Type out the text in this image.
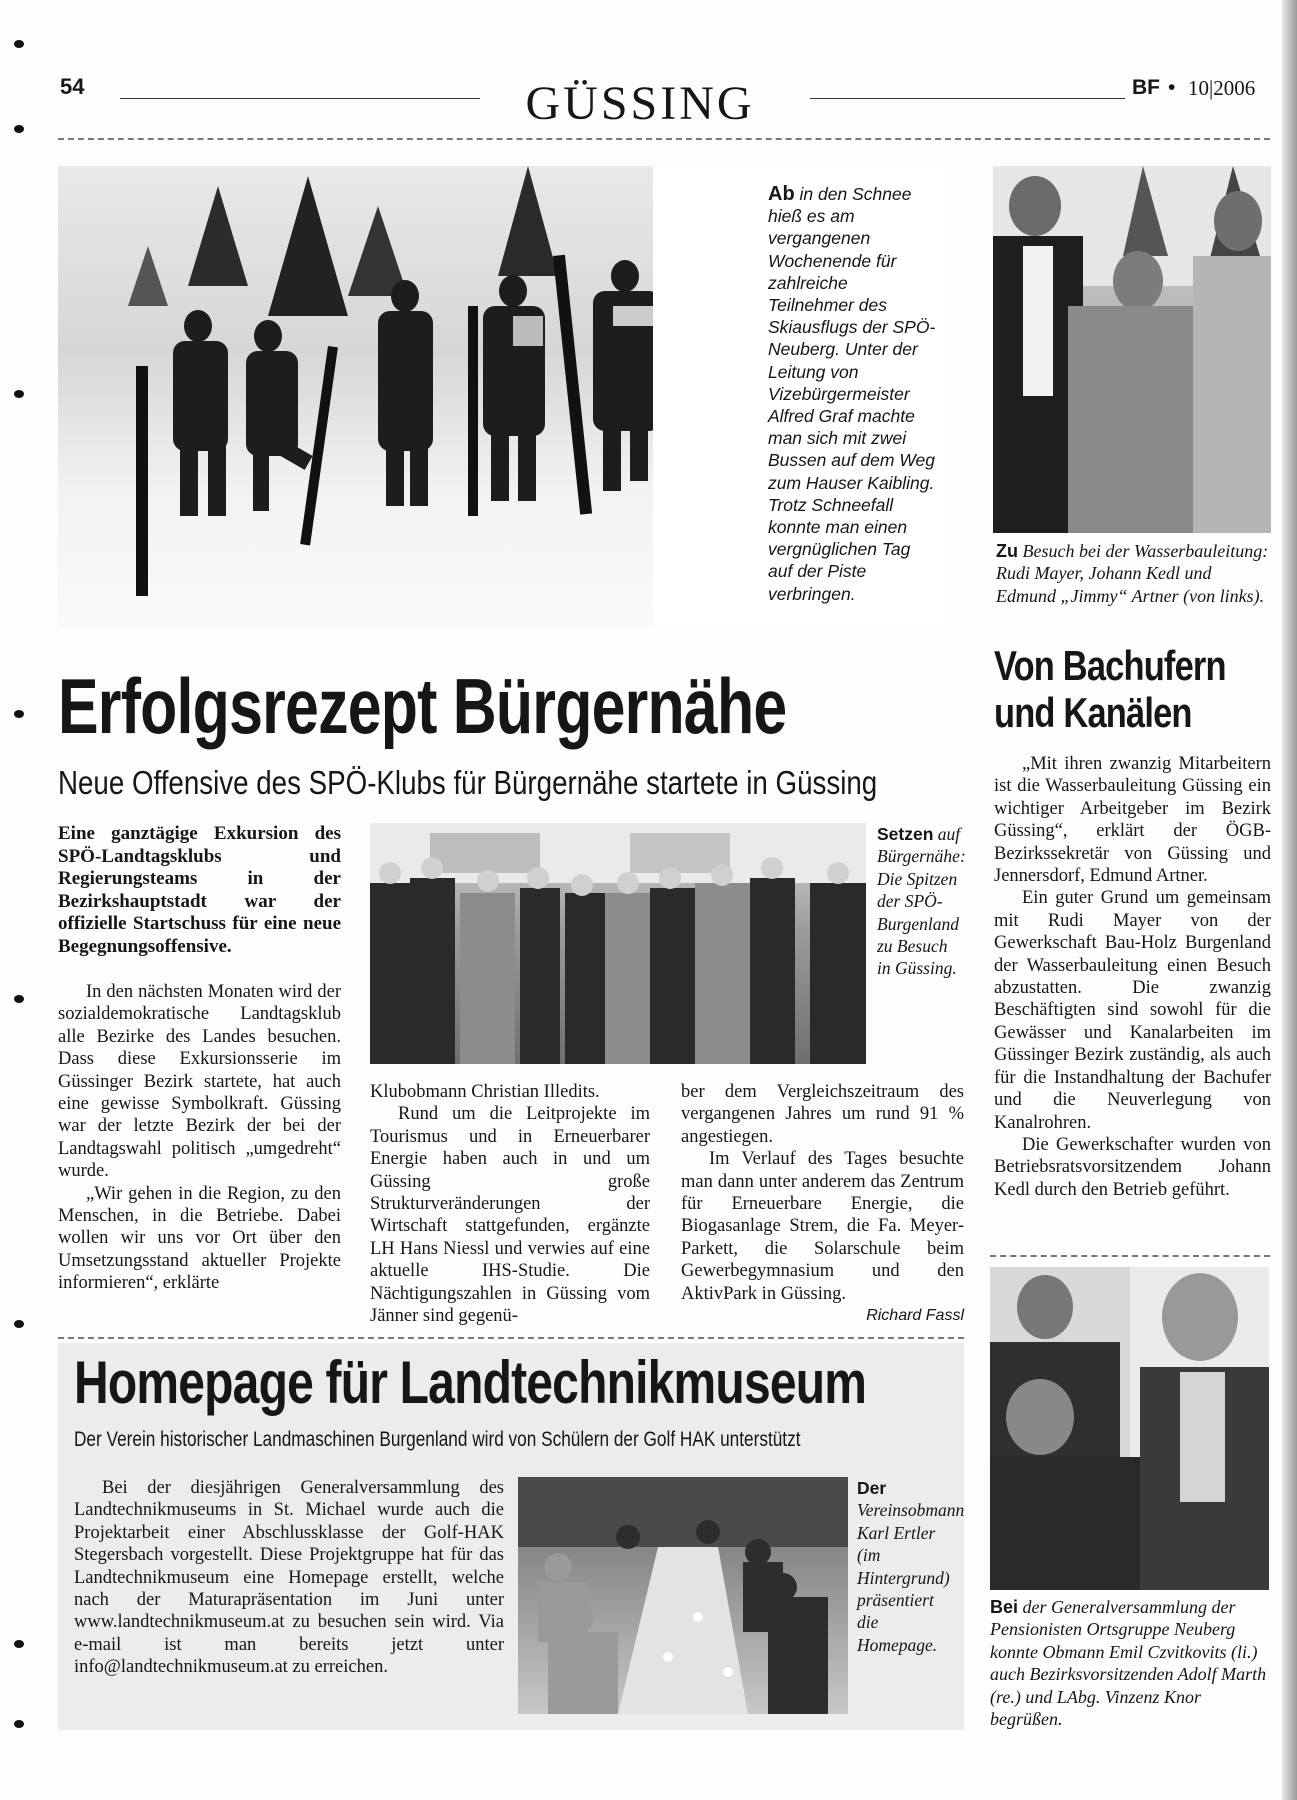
54	GÜSSING	BF • 10|2006
Ab in den Schnee hieß es am vergangenen Wochenende für zahlreiche Teilnehmer des Skiausflugs der SPÖ-Neuberg. Unter der Leitung von Vizebürgermeister Alfred Graf machte man sich mit zwei Bussen auf dem Weg zum Hauser Kaibling. Trotz Schneefall konnte man einen vergnüglichen Tag auf der Piste verbringen.
Zu Besuch bei der Wasserbauleitung: Rudi Mayer, Johann Kedl und Edmund „Jimmy“ Artner (von links).
Erfolgsrezept Bürgernähe
Neue Offensive des SPÖ-Klubs für Bürgernähe startete in Güssing
Eine ganztägige Exkursion des SPÖ-Landtagsklubs und Regierungsteams in der Bezirkshauptstadt war der offizielle Startschuss für eine neue Begegnungsoffensive.

In den nächsten Monaten wird der sozialdemokratische Landtagsklub alle Bezirke des Landes besuchen. Dass diese Exkursionsserie im Güssinger Bezirk startete, hat auch eine gewisse Symbolkraft. Güssing war der letzte Bezirk der bei der Landtagswahl politisch „umgedreht“ wurde.

„Wir gehen in die Region, zu den Menschen, in die Betriebe. Dabei wollen wir uns vor Ort über den Umsetzungsstand aktueller Projekte informieren“, erklärte

Setzen auf Bürgernähe: Die Spitzen der SPÖ-Burgenland zu Besuch in Güssing.

Klubobmann Christian Illedits.

Rund um die Leitprojekte im Tourismus und in Erneuerbarer Energie haben auch in und um Güssing große Strukturveränderungen der Wirtschaft stattgefunden, ergänzte LH Hans Niessl und verwies auf eine aktuelle IHS-Studie. Die Nächtigungszahlen in Güssing vom Jänner sind gegenü-

ber dem Vergleichszeitraum des vergangenen Jahres um rund 91 % angestiegen.

Im Verlauf des Tages besuchte man dann unter anderem das Zentrum für Erneuerbare Energie, die Biogasanlage Strem, die Fa. Meyer-Parkett, die Solarschule beim Gewerbegymnasium und den AktivPark in Güssing.
Richard Fassl

Von Bachufern
und Kanälen

„Mit ihren zwanzig Mitarbeitern ist die Wasserbauleitung Güssing ein wichtiger Arbeitgeber im Bezirk Güssing“, erklärt der ÖGB-Bezirkssekretär von Güssing und Jennersdorf, Edmund Artner.

Ein guter Grund um gemeinsam mit Rudi Mayer von der Gewerkschaft Bau-Holz Burgenland der Wasserbauleitung einen Besuch abzustatten. Die zwanzig Beschäftigten sind sowohl für die Gewässer und Kanalarbeiten im Güssinger Bezirk zuständig, als auch für die Instandhaltung der Bachufer und die Neuverlegung von Kanalrohren.

Die Gewerkschafter wurden von Betriebsratsvorsitzendem Johann Kedl durch den Betrieb geführt.

Bei der Generalversammlung der Pensionisten Ortsgruppe Neuberg konnte Obmann Emil Czvitkovits (li.) auch Bezirksvorsitzenden Adolf Marth (re.) und LAbg. Vinzenz Knor begrüßen.
Homepage für Landtechnikmuseum
Der Verein historischer Landmaschinen Burgenland wird von Schülern der Golf HAK unterstützt

Bei der diesjährigen Generalversammlung des Landtechnikmuseums in St. Michael wurde auch die Projektarbeit einer Abschlussklasse der Golf-HAK Stegersbach vorgestellt. Diese Projektgruppe hat für das Landtechnikmuseum eine Homepage erstellt, welche nach der Maturapräsentation im Juni unter www.landtechnikmuseum.at zu besuchen sein wird. Via e-mail ist man bereits jetzt unter info@landtechnikmuseum.at zu erreichen.

Der Vereinsobmann Karl Ertler (im Hintergrund) präsentiert die Homepage.
